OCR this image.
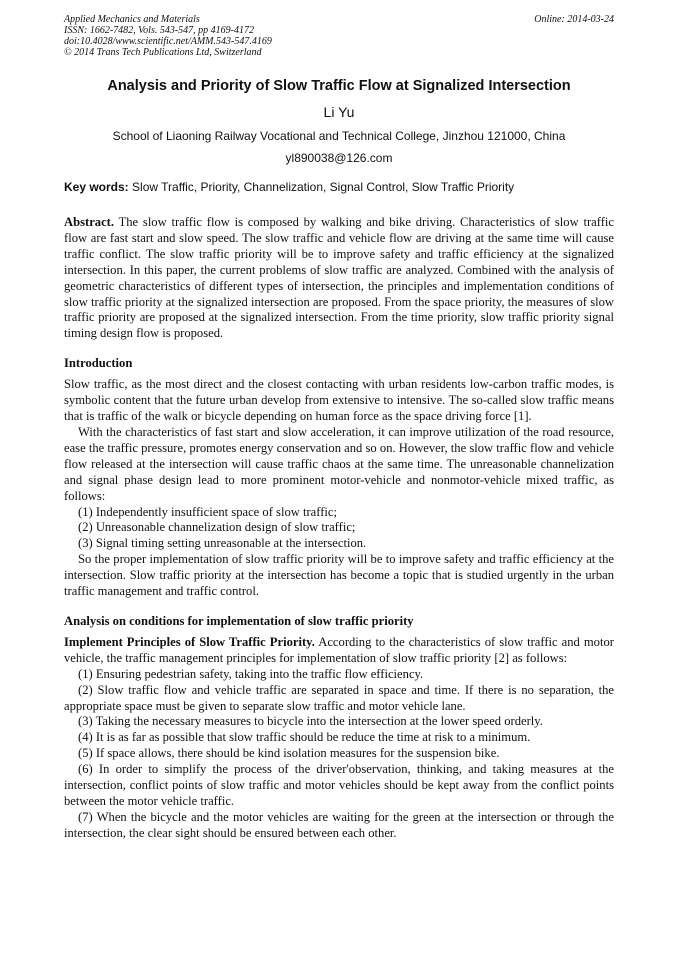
Applied Mechanics and Materials
ISSN: 1662-7482, Vols. 543-547, pp 4169-4172
doi:10.4028/www.scientific.net/AMM.543-547.4169
© 2014 Trans Tech Publications Ltd, Switzerland
Online: 2014-03-24
Analysis and Priority of Slow Traffic Flow at Signalized Intersection
Li Yu
School of Liaoning Railway Vocational and Technical College, Jinzhou 121000, China
yl890038@126.com
Key words: Slow Traffic, Priority, Channelization, Signal Control, Slow Traffic Priority

Abstract. The slow traffic flow is composed by walking and bike driving. Characteristics of slow traffic flow are fast start and slow speed. The slow traffic and vehicle flow are driving at the same time will cause traffic conflict. The slow traffic priority will be to improve safety and traffic efficiency at the signalized intersection. In this paper, the current problems of slow traffic are analyzed. Combined with the analysis of geometric characteristics of different types of intersection, the principles and implementation conditions of slow traffic priority at the signalized intersection are proposed. From the space priority, the measures of slow traffic priority are proposed at the signalized intersection. From the time priority, slow traffic priority signal timing design flow is proposed.

Introduction

Slow traffic, as the most direct and the closest contacting with urban residents low-carbon traffic modes, is symbolic content that the future urban develop from extensive to intensive. The so-called slow traffic means that is traffic of the walk or bicycle depending on human force as the space driving force [1].

With the characteristics of fast start and slow acceleration, it can improve utilization of the road resource, ease the traffic pressure, promotes energy conservation and so on. However, the slow traffic flow and vehicle flow released at the intersection will cause traffic chaos at the same time. The unreasonable channelization and signal phase design lead to more prominent motor-vehicle and nonmotor-vehicle mixed traffic, as follows:

(1) Independently insufficient space of slow traffic;

(2) Unreasonable channelization design of slow traffic;

(3) Signal timing setting unreasonable at the intersection.

So the proper implementation of slow traffic priority will be to improve safety and traffic efficiency at the intersection. Slow traffic priority at the intersection has become a topic that is studied urgently in the urban traffic management and traffic control.

Analysis on conditions for implementation of slow traffic priority

Implement Principles of Slow Traffic Priority. According to the characteristics of slow traffic and motor vehicle, the traffic management principles for implementation of slow traffic priority [2] as follows:

(1) Ensuring pedestrian safety, taking into the traffic flow efficiency.

(2) Slow traffic flow and vehicle traffic are separated in space and time. If there is no separation, the appropriate space must be given to separate slow traffic and motor vehicle lane.

(3) Taking the necessary measures to bicycle into the intersection at the lower speed orderly.

(4) It is as far as possible that slow traffic should be reduce the time at risk to a minimum.

(5) If space allows, there should be kind isolation measures for the suspension bike.

(6) In order to simplify the process of the driver'observation, thinking, and taking measures at the intersection, conflict points of slow traffic and motor vehicles should be kept away from the conflict points between the motor vehicle traffic.

(7) When the bicycle and the motor vehicles are waiting for the green at the intersection or through the intersection, the clear sight should be ensured between each other.
